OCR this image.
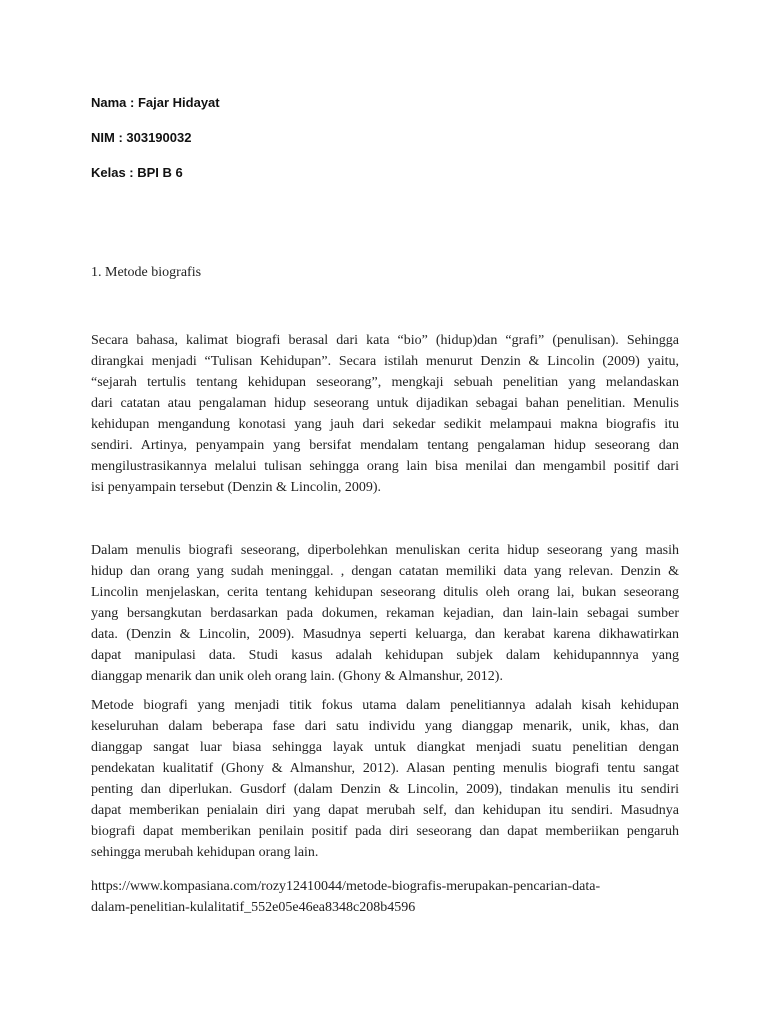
Nama : Fajar Hidayat
NIM : 303190032
Kelas : BPI B 6
1. Metode biografis
Secara bahasa, kalimat biografi berasal dari kata “bio” (hidup)dan “grafi” (penulisan). Sehingga
dirangkai menjadi “Tulisan Kehidupan”. Secara istilah menurut Denzin & Lincolin (2009) yaitu,
“sejarah tertulis tentang kehidupan seseorang”, mengkaji sebuah penelitian yang melandaskan
dari catatan atau pengalaman hidup seseorang untuk dijadikan sebagai bahan penelitian. Menulis
kehidupan mengandung konotasi yang jauh dari sekedar sedikit melampaui makna biografis itu
sendiri. Artinya, penyampain yang bersifat mendalam tentang pengalaman hidup seseorang dan
mengilustrasikannya melalui tulisan sehingga orang lain bisa menilai dan mengambil positif dari
isi penyampain tersebut (Denzin & Lincolin, 2009).
Dalam menulis biografi seseorang, diperbolehkan menuliskan cerita hidup seseorang yang masih
hidup dan orang yang sudah meninggal. , dengan catatan memiliki data yang relevan. Denzin &
Lincolin menjelaskan, cerita tentang kehidupan seseorang ditulis oleh orang lai, bukan seseorang
yang bersangkutan berdasarkan pada dokumen, rekaman kejadian, dan lain-lain sebagai sumber
data. (Denzin & Lincolin, 2009). Masudnya seperti keluarga, dan kerabat karena dikhawatirkan
dapat manipulasi data. Studi kasus adalah kehidupan subjek dalam kehidupannnya yang
dianggap menarik dan unik oleh orang lain. (Ghony & Almanshur, 2012).
Metode biografi yang menjadi titik fokus utama dalam penelitiannya adalah kisah kehidupan
keseluruhan dalam beberapa fase dari satu individu yang dianggap menarik, unik, khas, dan
dianggap sangat luar biasa sehingga layak untuk diangkat menjadi suatu penelitian dengan
pendekatan kualitatif (Ghony & Almanshur, 2012). Alasan penting menulis biografi tentu sangat
penting dan diperlukan. Gusdorf (dalam Denzin & Lincolin, 2009), tindakan menulis itu sendiri
dapat memberikan penialain diri yang dapat merubah self, dan kehidupan itu sendiri. Masudnya
biografi dapat memberikan penilain positif pada diri seseorang dan dapat memberiikan pengaruh
sehingga merubah kehidupan orang lain.
https://www.kompasiana.com/rozy12410044/metode-biografis-merupakan-pencarian-data-
dalam-penelitian-kulalitatif_552e05e46ea8348c208b4596
